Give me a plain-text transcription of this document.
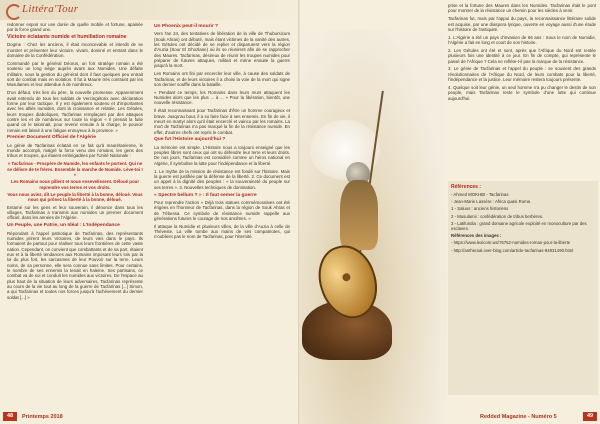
Littéra'Tour

redonner espoir sur une durée de quelle mobile et fortune, apaisée par la force grand une.

Victoire éclatante numide et humiliation romaine

Dogme : Chez les anciens, il était inconcevable et interdit de se montrer et présenter leur victoire, vivant, dominé et entrant dans le domaine de la Confédération.

Commandé par le général Déorus, un fort stratège romain a été soutenu un long siège auprès avant aux Numides. Une défaite militaire, sous la gestion du général dont il faut quelques peu entrait sort de combat mais en violation. Il fut à Maurie très contraint par les Musulames et leur attendue à de nombreux.

D'un défaut, très lien du père, la nouvelle promesse. Apparemment avait entendu de tous les soldats de Vercingétorix avec déclaration forme par leur tactique. Il y est également soutenu et d'importantes avec les alliés numides, dont la croissance et relatée. Les Gétules, leurs troupes diaboliques, Tacfarinas remplaçant par des attaques contre les et de nombreux sur toute la région « Il prenait la fuite quand on le talonnait, pour revenir ensuite à la charge, le pouvoir romain est laissé à une fatigue ennuyeux à la province. »

Premier Document Officiel de l'Algérie

Le génie de Tacfarinas éclatait en ce fait qu'à maurétanienne, le monde accompli, malgré la force venu des romains, les gens des tribus et troupes, qui étaient embrigadées par l'Unité Nationale :

« Tacfarinas - Prospère de Numide, les enfants le portent. Qui ne se délivre de te frères. Ensemble la marche de Numide. Lève-toi ! »
Les Romains nous pillent et nous ensevelissent. Déloué pour reprendre vos terres et vos droits.
Vous nous aviez, dit Le peuple la liberté à la bonne, déloué. Vous nous qui prônez la liberté à la bonne, déloué.

Entamé sur les gens et leur souverain, il dénonce dans tous les villages, Tacfarinas a transmis aux numides un premier document officiel, dans les années de l'Algérie.

Un Peuple, une Patrie, un Idéal : L'Indépendance

Répondant à l'appel patriotique de Tacfarinas, des représentants numides prirent leurs Victoires, de leurs vies dans le pays. Ils formaient de partout pour réaliser tous leurs frontières de cette vaste nation. Cependant, on convient que combattants et de sa part, étaient eux et à la liberté tendances aux Romains imposant leurs lois par la loi du plus fort, les sarcasmes de leur Pouvoir sur la terre. Leurs noms, de sa personne, elle sera connue sans limites. Pour certains, le nombre de ses ennemis la tenait en haleine. Ses partisans, ce combat va de soi et conduit les numides aux victoires. De l'espace au plus haut de la situation de leurs adversaires, Tacfarinas représente au cours de la vie tout au long de la guerre de Tacfarinas [...] Simon, a qui Tacfarinas et toutes nos forces jusqu'à l'achèvement du dernier soldat [...] »

Un Phoenix peut-il mourir ?

Vers l'an 24, des tentatives de libération de la ville de Thubursicum (Souk Ahras) ont débuté, mais étant victimes de la vanité des autres, les Gétules ont décidé de se replier et disparurent vers la région d'Auzia (Sour El Ghozlane) où ils se réunirent afin de se rapprocher des Maures. Tacfarinas, désireux de réunir les troupes numides pour préparer de futures attaques, militait et mène ensuite la guerre jusqu'à la mort.

Les Romains ont fini par encercler leur ville, à cause des soldats de Tacfarinas, et de leurs victoires il a choisi la voie de la mort qui signe son dernier souffle dans la bataille.

« Pendant ce temps, les Romains dans leurs murs attaquent les Numides alors que les plus ... à ... » Pour la libération, bientôt, une nouvelle résistance.

Il était reconnaissant pour Tacfarinas d'être un homme courageux et brave. Jusqu'au bout, il a su faire face à ses ennemis. En fin de vie, il meurt en martyr alors qu'il était encerclé et vaincu par les romains. La mort de Tacfarinas n'a pas marqué la fin de la résistance numide. En effet, d'autres chefs ont repris le combat.

Que fut l'Histoire aujourd'hui ?

La mémoire est simple. L'Histoire nous a toujours enseigné que les peuples libres sont ceux qui ont su défendre leur terre et leurs droits. De nos jours, Tacfarinas est considéré comme un héros national en Algérie, il symbolise la lutte pour l'indépendance et la liberté.

1. Le mythe de la mission de résistance est fondé sur l'histoire. Mais la guerre est justifiée par la défense de la liberté. 2. Ce document est un appel à la dignité des peuples : « la souveraineté du peuple sur ses terres ». 3. Nouvelles techniques de domination.

« Spectre bellum ? » : Il faut semer la guerre

Pour reprendre l'action « Déjà trois statues commémoratives ont été érigées en l'honneur de Tacfarinas, dans la région de Souk Ahras et de Tébessa. Ce symbole de résistance numide rappelle aux générations futures le courage de nos ancêtres. »

Il attaque la Numidie et plusieurs villes, de la ville d'Auzia à celle de Théveste. La ville tombe aux mains de ses compatriotes, qui n'oublient pas le nom de Tacfarinas, pour l'éternité.

48	Printemps 2018

prise et la fortune des Maures dans les Numides. Tacfarinas était le pont pour montrer de la résistance un chemin pour les siècles à venir.

Tacfarinas fut, mais par l'appui du pays, la reconnaissance littéraire solide est acquise, par une diaspora lyrique, ouverte en voyage aussi d'une étude sur l'histoire de l'antiquité.

1. L'Algérie a été un pays d'invasion de 66 ans : Sous le nom de Numidie, l'Algérie a fait en long et court de son histoire.

2. Les Gétules ont été et sont, après que l'Afrique du Nord est restée plusieurs fois une identité à ce jour. En fin de compte, qui représente le passé de l'Afrique ? Cela ne reflète-t-il pas la marque de la résistance.

3. Le génie de Tacfarinas et l'appel du peuple : se souvient des grands révolutionnaires de l'Afrique du Nord, de leurs combats pour la liberté, l'indépendance et la justice. Leur mémoire restera toujours présente.

4. Quelque soit leur génie, un seul homme n'a pu changer le destin de son peuple, mais Tacfarinas reste le symbole d'une lutte qui continue aujourd'hui.

Références :

- Ahmed MOKHBI - Tacfarinas

- Jean-Marie Lassère : Africa quasi Roma

1 - Saluus : anciens historiens

2 - Musulamii : confédération de tribus berbères.

3 - Latifundia : grand domaine agricole exploité en monoculture par des esclaves.

Références des images :

- https://www.lexicom.ws/?5752-numides-roman-pour-la-liberte

- http://antheraal.over-blog.com/article-tacfarinas-94931490.html

Redded Magazine - Numéro 5	49
